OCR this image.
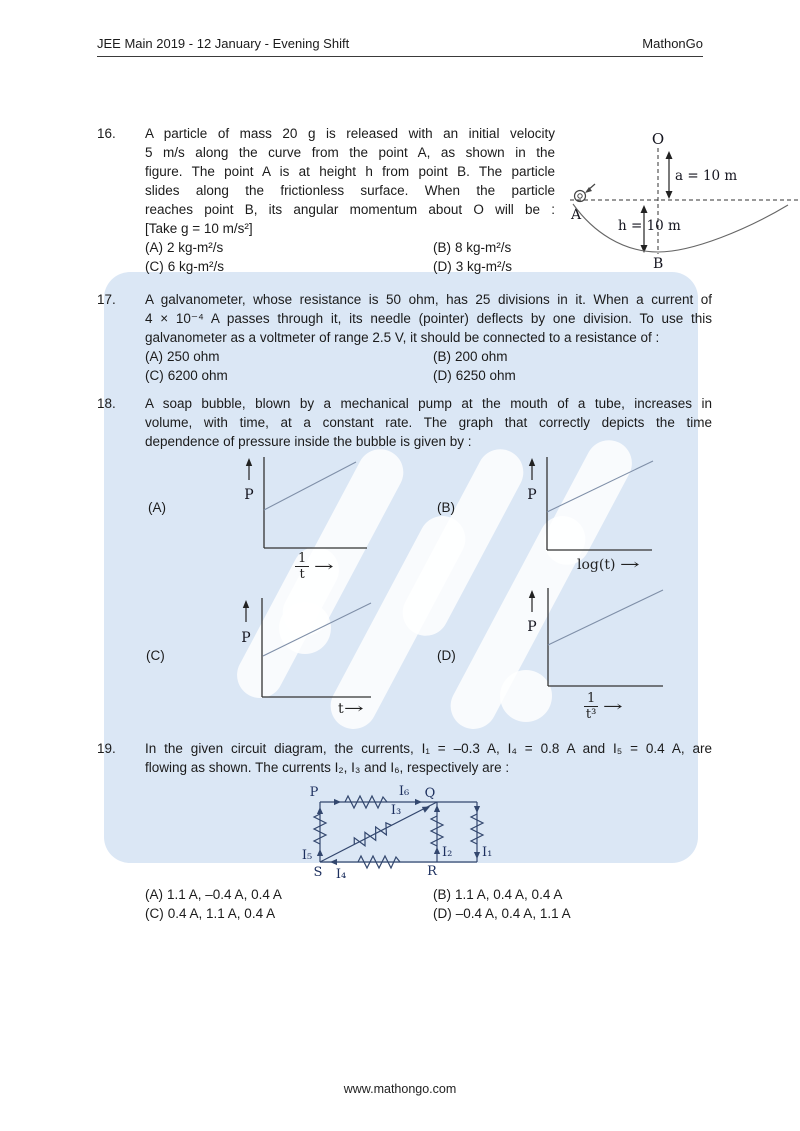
JEE Main 2019 - 12 January - Evening Shift	MathonGo
16.	A particle of mass 20 g is released with an initial velocity
5 m/s along the curve from the point A, as shown in the
figure. The point A is at height h from point B. The particle
slides along the frictionless surface. When the particle
reaches point B, its angular momentum about O will be :
[Take g = 10 m/s²]
(A) 2 kg-m²/s	(B) 8 kg-m²/s
(C) 6 kg-m²/s	(D) 3 kg-m²/s
O
a = 10 m
h = 10 m
A
B
17.	A galvanometer, whose resistance is 50 ohm, has 25 divisions in it. When a current of
4 × 10⁻⁴ A passes through it, its needle (pointer) deflects by one division. To use this
galvanometer as a voltmeter of range 2.5 V, it should be connected to a resistance of :
(A) 250 ohm	(B) 200 ohm
(C) 6200 ohm	(D) 6250 ohm
18.	A soap bubble, blown by a mechanical pump at the mouth of a tube, increases in
volume, with time, at a constant rate. The graph that correctly depicts the time
dependence of pressure inside the bubble is given by :
(A)	(B)
(C)	(D)
P
$\frac{1}{t}$ →
P
log(t) →
P
t→
P
$\frac{1}{\text{t³}}$ →
19.	In the given circuit diagram, the currents, I₁ = –0.3 A, I₄ = 0.8 A and I₅ = 0.4 A, are
flowing as shown. The currents I₂, I₃ and I₆, respectively are :
P	Q
I₆
I₃
I₅
I₄
I₂ I₁
S	R
(A) 1.1 A, –0.4 A, 0.4 A	(B) 1.1 A, 0.4 A, 0.4 A
(C) 0.4 A, 1.1 A, 0.4 A	(D) –0.4 A, 0.4 A, 1.1 A
www.mathongo.com
